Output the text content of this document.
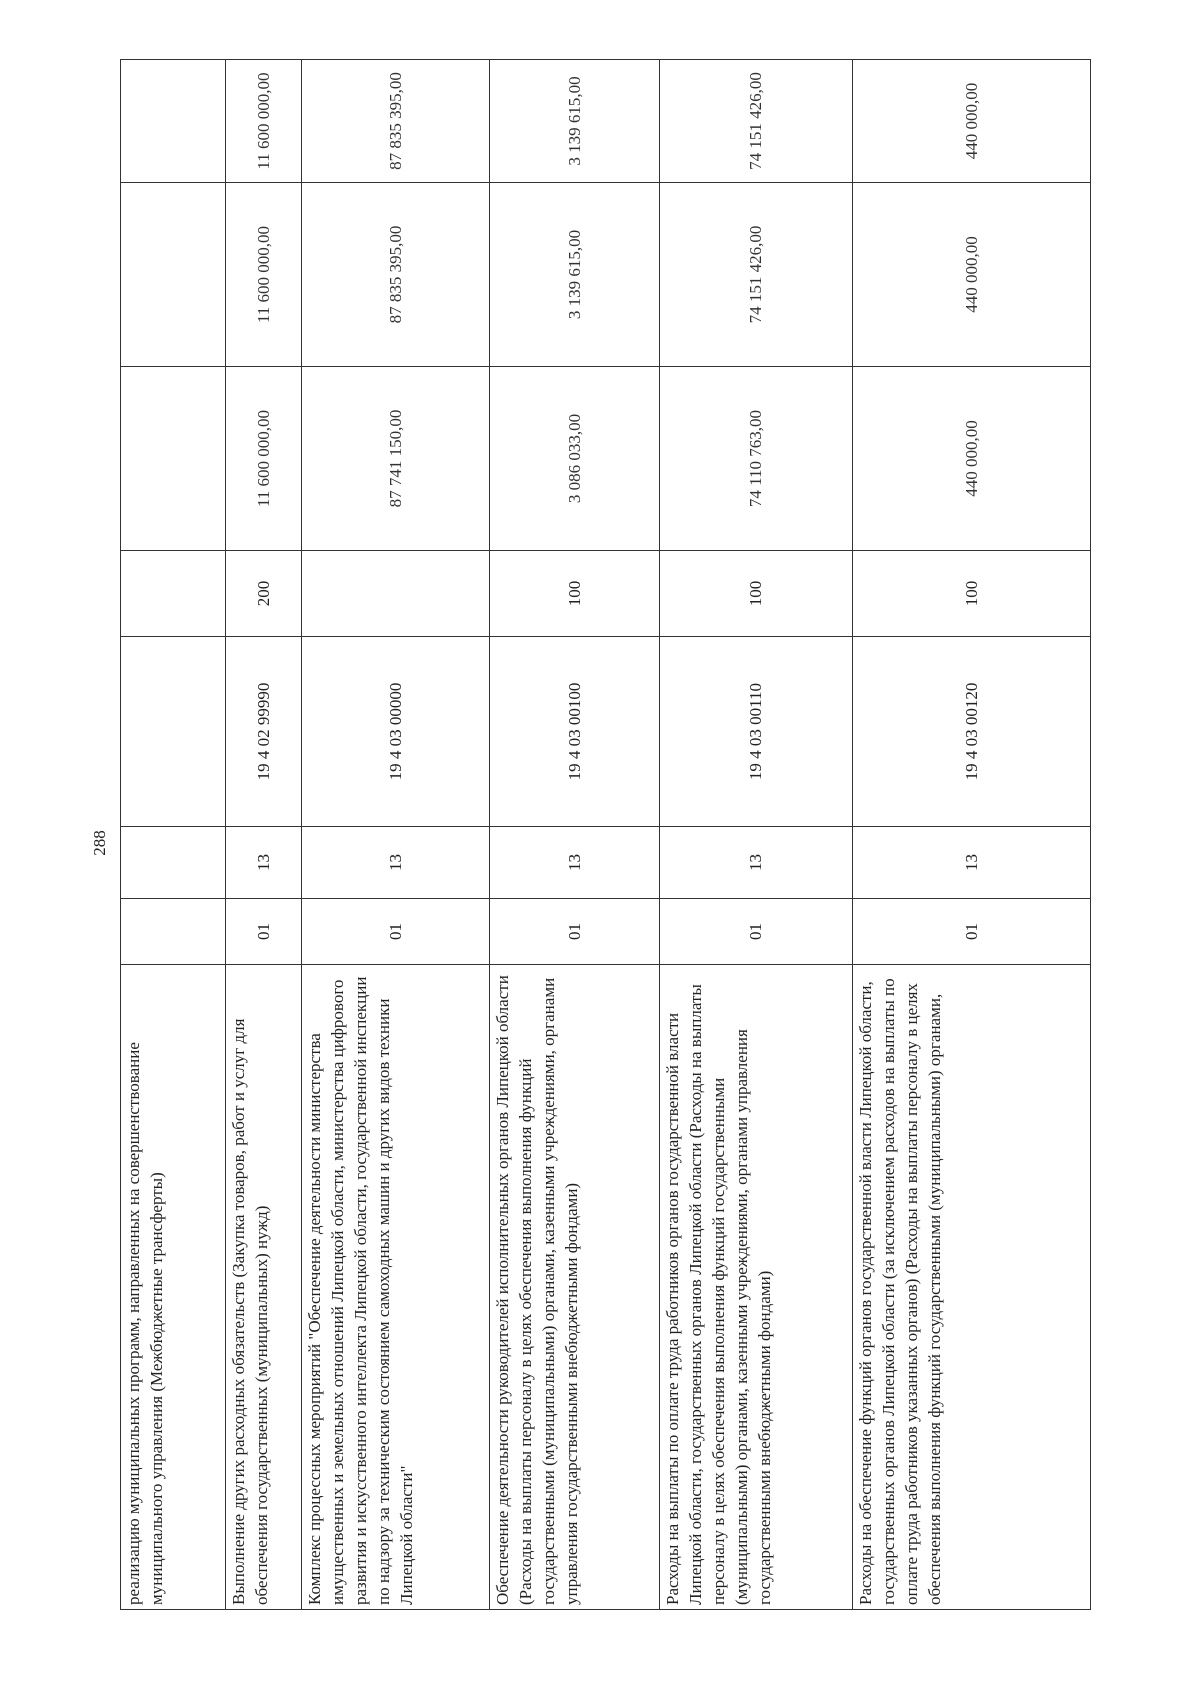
288
реализацию муниципальных программ, направленных на совершенствование муниципального управления (Межбюджетные трансферты)							
Выполнение других расходных обязательств (Закупка товаров, работ и услуг для обеспечения государственных (муниципальных) нужд)	01	13	19 4 02 99990	200	11 600 000,00	11 600 000,00	11 600 000,00
Комплекс процессных мероприятий "Обеспечение деятельности министерства имущественных и земельных отношений Липецкой области, министерства цифрового развития и искусственного интеллекта Липецкой области, государственной инспекции по надзору за техническим состоянием самоходных машин и других видов техники Липецкой области"	01	13	19 4 03 00000		87 741 150,00	87 835 395,00	87 835 395,00
Обеспечение деятельности руководителей исполнительных органов Липецкой области (Расходы на выплаты персоналу в целях обеспечения выполнения функций государственными (муниципальными) органами, казенными учреждениями, органами управления государственными внебюджетными фондами)	01	13	19 4 03 00100	100	3 086 033,00	3 139 615,00	3 139 615,00
Расходы на выплаты по оплате труда работников органов государственной власти Липецкой области, государственных органов Липецкой области (Расходы на выплаты персоналу в целях обеспечения выполнения функций государственными (муниципальными) органами, казенными учреждениями, органами управления государственными внебюджетными фондами)	01	13	19 4 03 00110	100	74 110 763,00	74 151 426,00	74 151 426,00
Расходы на обеспечение функций органов государственной власти Липецкой области, государственных органов Липецкой области (за исключением расходов на выплаты по оплате труда работников указанных органов) (Расходы на выплаты персоналу в целях обеспечения выполнения функций государственными (муниципальными) органами,	01	13	19 4 03 00120	100	440 000,00	440 000,00	440 000,00
